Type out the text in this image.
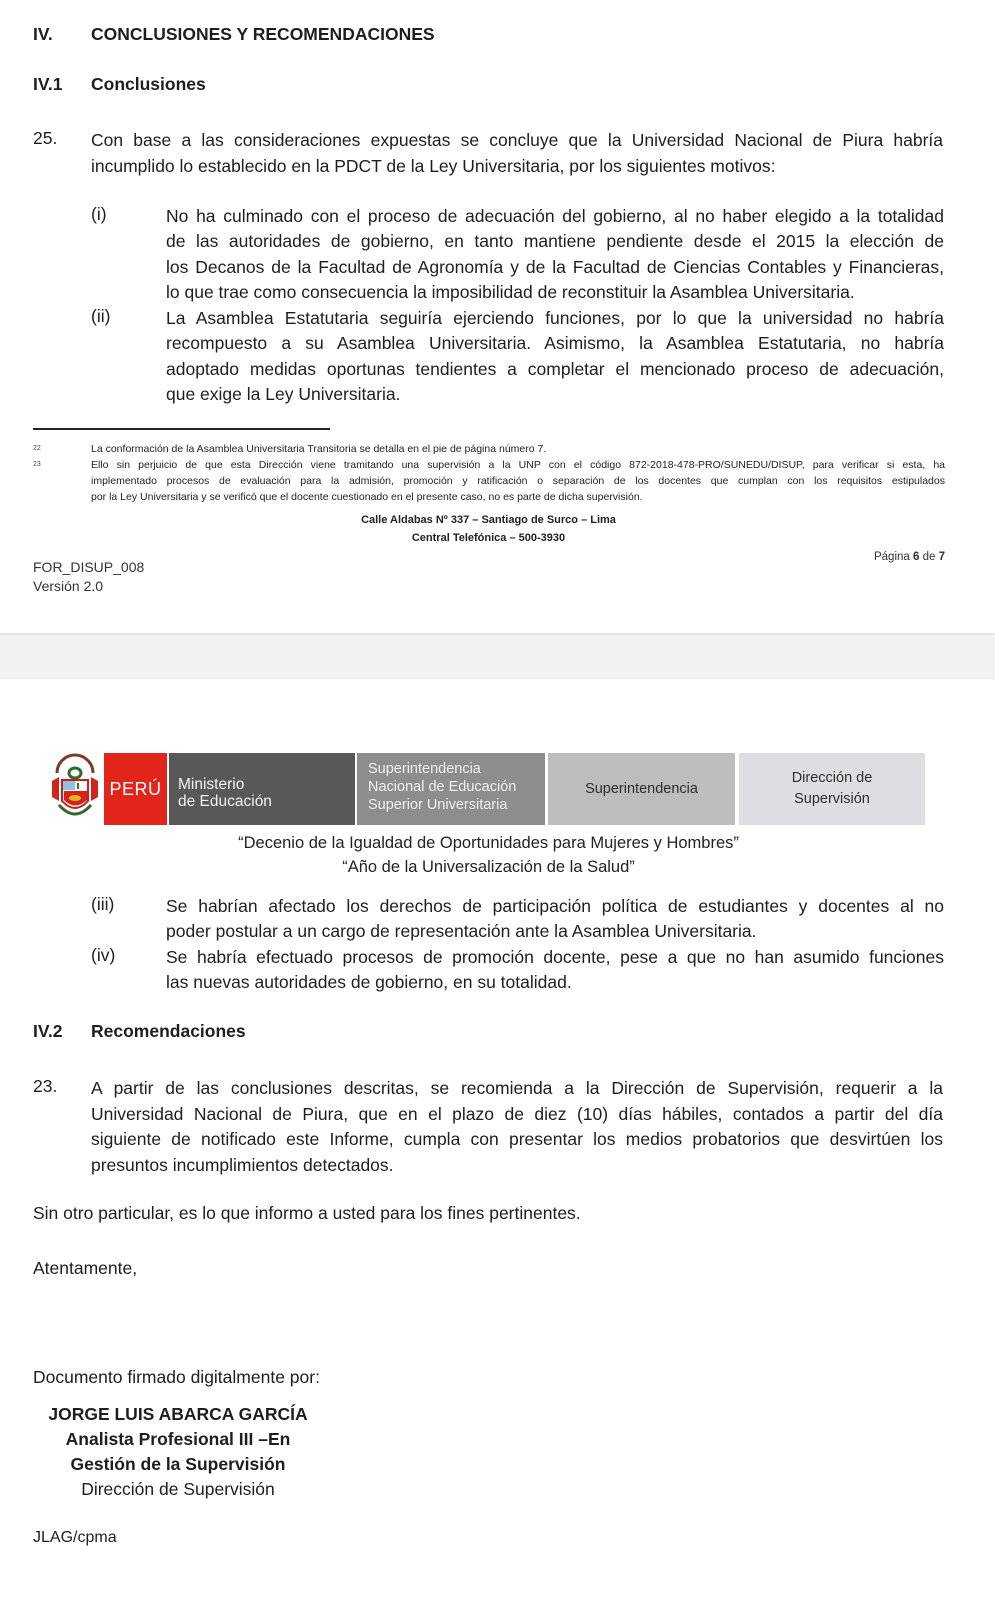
IV. CONCLUSIONES Y RECOMENDACIONES
IV.1 Conclusiones
25. Con base a las consideraciones expuestas se concluye que la Universidad Nacional de Piura habría
incumplido lo establecido en la PDCT de la Ley Universitaria, por los siguientes motivos:
(i)	No ha culminado con el proceso de adecuación del gobierno, al no haber elegido a la totalidad
de las autoridades de gobierno, en tanto mantiene pendiente desde el 2015 la elección de
los Decanos de la Facultad de Agronomía y de la Facultad de Ciencias Contables y Financieras,
lo que trae como consecuencia la imposibilidad de reconstituir la Asamblea Universitaria.
(ii)	La Asamblea Estatutaria seguiría ejerciendo funciones, por lo que la universidad no habría
recompuesto a su Asamblea Universitaria. Asimismo, la Asamblea Estatutaria, no habría
adoptado medidas oportunas tendientes a completar el mencionado proceso de adecuación,
que exige la Ley Universitaria.
22	La conformación de la Asamblea Universitaria Transitoria se detalla en el pie de página número 7.
23	Ello sin perjuicio de que esta Dirección viene tramitando una supervisión a la UNP con el código 872-2018-478-PRO/SUNEDU/DISUP, para verificar si esta, ha
implementado procesos de evaluación para la admisión, promoción y ratificación o separación de los docentes que cumplan con los requisitos estipulados
por la Ley Universitaria y se verificó que el docente cuestionado en el presente caso, no es parte de dicha supervisión.
Calle Aldabas Nº 337 – Santiago de Surco – Lima
Central Telefónica – 500-3930
FOR_DISUP_008
Versión 2.0
Página 6 de 7
PERÚ	Ministerio
de Educación
Superintendencia
Nacional de Educación
Superior Universitaria
Superintendencia
Dirección de
Supervisión
“Decenio de la Igualdad de Oportunidades para Mujeres y Hombres”
“Año de la Universalización de la Salud”
(iii)	Se habrían afectado los derechos de participación política de estudiantes y docentes al no
poder postular a un cargo de representación ante la Asamblea Universitaria.
(iv)	Se habría efectuado procesos de promoción docente, pese a que no han asumido funciones
las nuevas autoridades de gobierno, en su totalidad.
IV.2 Recomendaciones
23. A partir de las conclusiones descritas, se recomienda a la Dirección de Supervisión, requerir a la
Universidad Nacional de Piura, que en el plazo de diez (10) días hábiles, contados a partir del día
siguiente de notificado este Informe, cumpla con presentar los medios probatorios que desvirtúen los
presuntos incumplimientos detectados.
Sin otro particular, es lo que informo a usted para los fines pertinentes.
Atentamente,
Documento firmado digitalmente por:
JORGE LUIS ABARCA GARCÍA
Analista Profesional III –En
Gestión de la Supervisión
Dirección de Supervisión
JLAG/cpma
